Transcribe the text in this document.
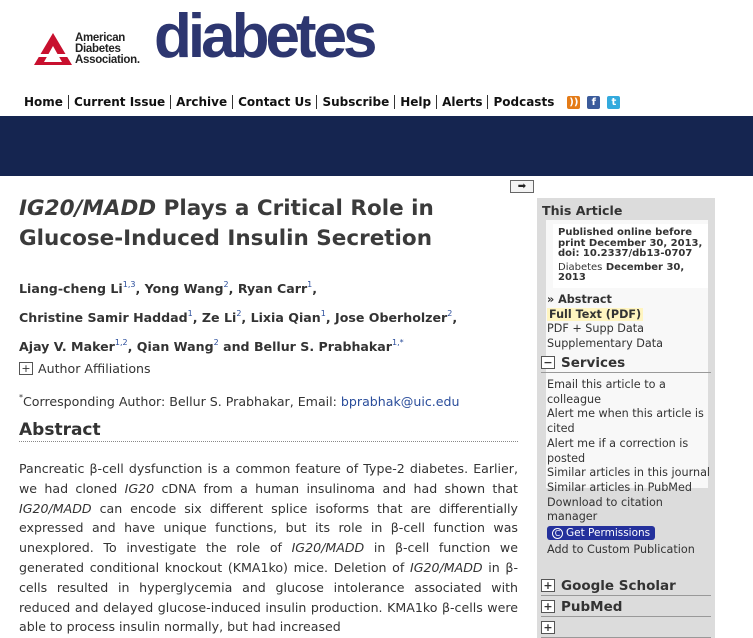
American
Diabetes
Association. diabetes
Home Current Issue Archive Contact Us Subscribe Help Alerts Podcasts	))	f	t
➡
IG20/MADD Plays a Critical Role in Glucose-Induced Insulin Secretion
Liang-cheng Li$^{1,3}$, Yong Wang$^2$, Ryan Carr$^1$,
Christine Samir Haddad$^1$, Ze Li$^2$, Lixia Qian$^1$, Jose Oberholzer$^2$,
Ajay V. Maker$^{1,2}$, Qian Wang$^2$ and Bellur S. Prabhakar$^{1,*}$
+ Author Affiliations
*Corresponding Author: Bellur S. Prabhakar, Email: bprabhak@uic.edu
Abstract
Pancreatic β-cell dysfunction is a common feature of Type-2 diabetes. Earlier, we had cloned IG20 cDNA from a human insulinoma and had shown that IG20/MADD can encode six different splice isoforms that are differentially expressed and have unique functions, but its role in β-cell function was unexplored. To investigate the role of IG20/MADD in β-cell function we generated conditional knockout (KMA1ko) mice. Deletion of IG20/MADD in β-cells resulted in hyperglycemia and glucose intolerance associated with reduced and delayed glucose-induced insulin production. KMA1ko β-cells were able to process insulin normally, but had increased
This Article
Published online before print December 30, 2013, doi: 10.2337/db13-0707
Diabetes December 30, 2013
» Abstract
Full Text (PDF)
PDF + Supp Data
Supplementary Data
− Services
Email this article to a colleague
Alert me when this article is cited
Alert me if a correction is posted
Similar articles in this journal
Similar articles in PubMed
Download to citation manager
C Get Permissions
Add to Custom Publication
+ Google Scholar
+ PubMed
+
